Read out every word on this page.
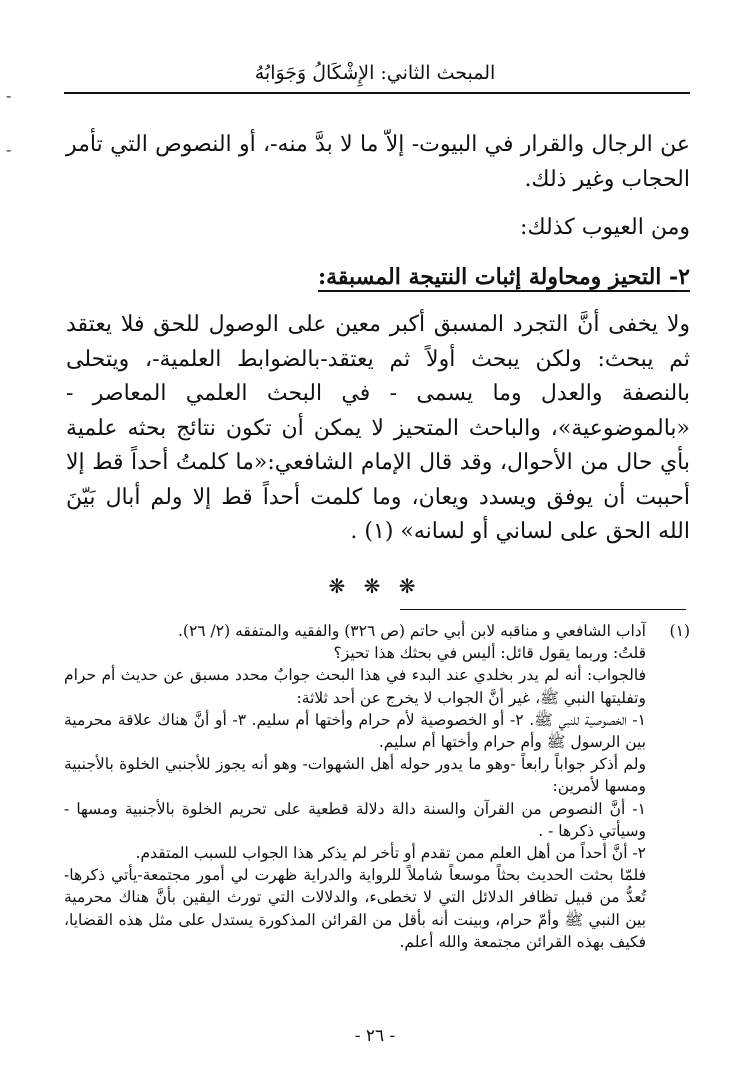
-
-
المبحث الثاني: الإِشْكَالُ وَجَوَابُهُ

عن الرجال والقرار في البيوت- إلاّ ما لا بدَّ منه-، أو النصوص التي تأمر الحجاب وغير ذلك.

ومن العيوب كذلك:

٢- التحيز ومحاولة إثبات النتيجة المسبقة:

ولا يخفى أنَّ التجرد المسبق أكبر معين على الوصول للحق فلا يعتقد ثم يبحث: ولكن يبحث أولاً ثم يعتقد-بالضوابط العلمية-، ويتحلى بالنصفة والعدل وما يسمى - في البحث العلمي المعاصر - «بالموضوعية»، والباحث المتحيز لا يمكن أن تكون نتائج بحثه علمية بأي حال من الأحوال، وقد قال الإمام الشافعي:«ما كلمتُ أحداً قط إلا أحببت أن يوفق ويسدد ويعان، وما كلمت أحداً قط إلا ولم أبال بَيّنَ الله الحق على لساني أو لسانه» (١) .

❋ ❋ ❋
(١)
آداب الشافعي و مناقبه لابن أبي حاتم (ص ٣٢٦) والفقيه والمتفقه (٢/ ٢٦).

قلتُ: وربما يقول قائل: أليس في بحثك هذا تحيز؟

فالجواب: أنه لم يدر بخلدي عند البدء في هذا البحث جوابٌ محدد مسبق عن حديث أم حرام وتفليتها النبي ﷺ، غير أنَّ الجواب لا يخرج عن أحد ثلاثة:

١- الخصوصية للنبي ﷺ. ٢- أو الخصوصية لأم حرام وأختها أم سليم. ٣- أو أنَّ هناك علاقة محرمية بين الرسول ﷺ وأم حرام وأختها أم سليم.

ولم أذكر جواباً رابعاً -وهو ما يدور حوله أهل الشهوات- وهو أنه يجوز للأجنبي الخلوة بالأجنبية ومسها لأمرين:

١- أنَّ النصوص من القرآن والسنة دالة دلالة قطعية على تحريم الخلوة بالأجنبية ومسها - وسيأتي ذكرها - .

٢- أنَّ أحداً من أهل العلم ممن تقدم أو تأخر لم يذكر هذا الجواب للسبب المتقدم.

فلمّا بحثت الحديث بحثاً موسعاً شاملاً للرواية والدراية ظهرت لي أمور مجتمعة-يأتي ذكرها- تُعدُّ من قبيل تظافر الدلائل التي لا تخطىء، والدلالات التي تورث اليقين بأنَّ هناك محرمية بين النبي ﷺ وأمّ حرام، وبينت أنه بأقل من القرائن المذكورة يستدل على مثل هذه القضايا، فكيف بهذه القرائن مجتمعة والله أعلم.

- ٢٦ -
